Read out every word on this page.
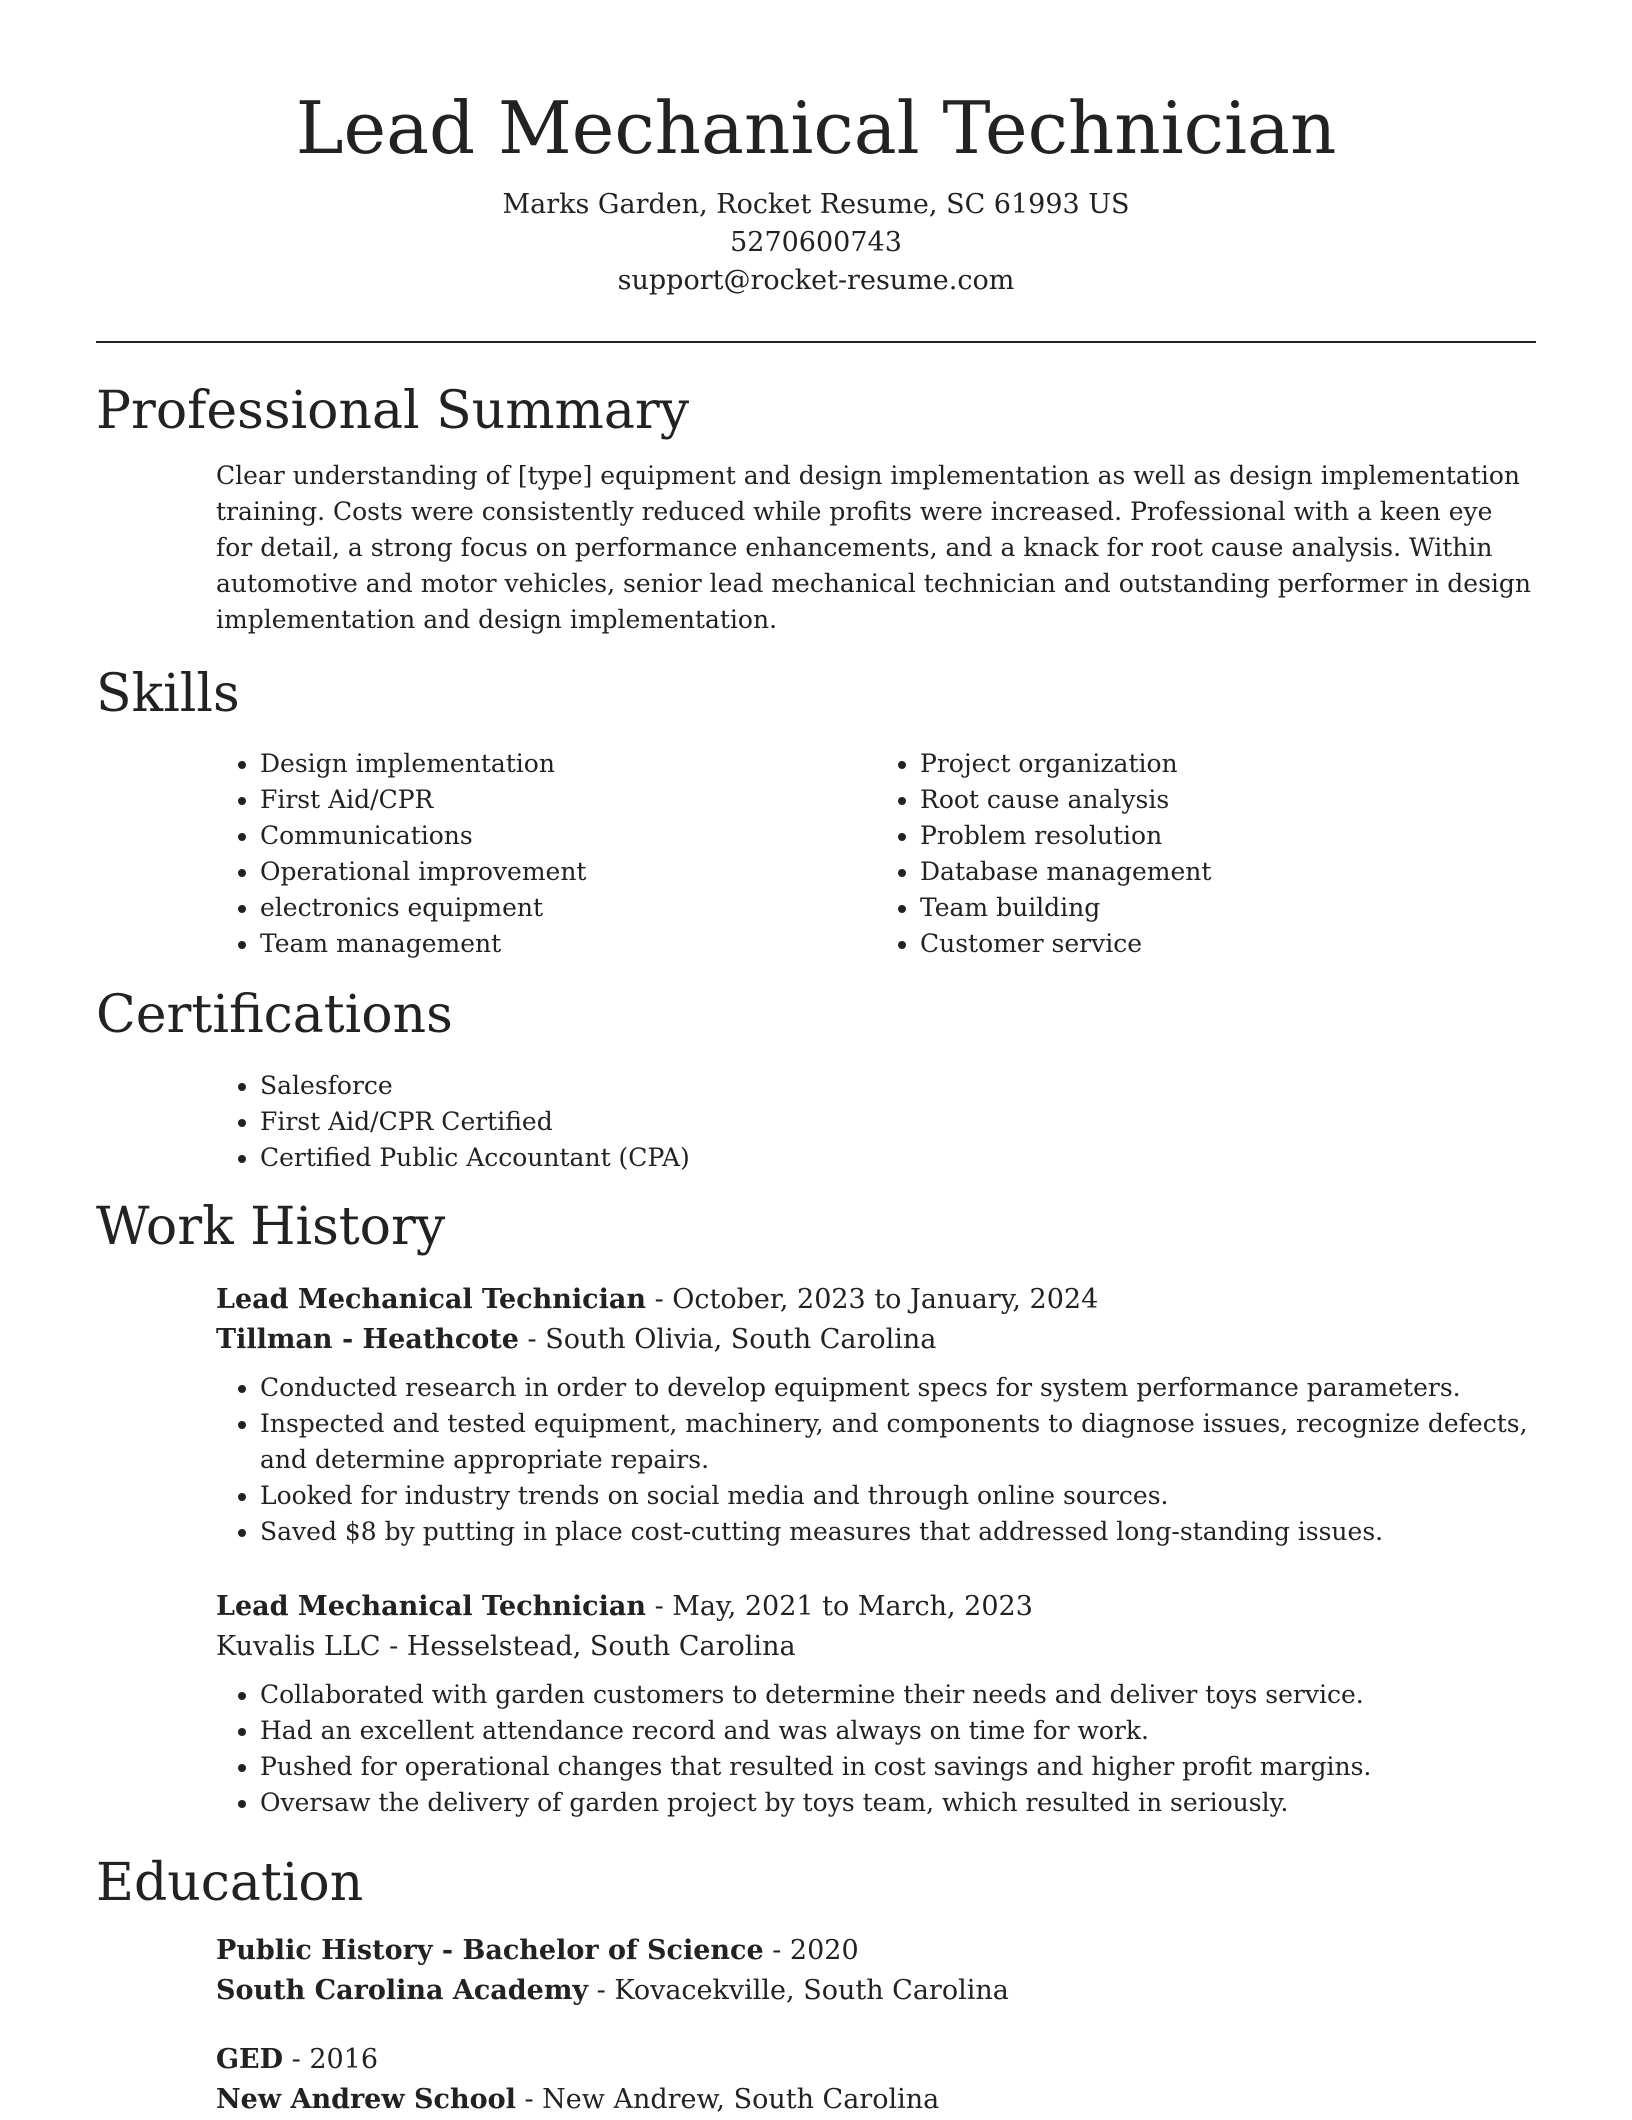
Lead Mechanical Technician
Marks Garden, Rocket Resume, SC 61993 US
5270600743
support@rocket-resume.com
Professional Summary
Clear understanding of [type] equipment and design implementation as well as design implementation training. Costs were consistently reduced while profits were increased. Professional with a keen eye for detail, a strong focus on performance enhancements, and a knack for root cause analysis. Within automotive and motor vehicles, senior lead mechanical technician and outstanding performer in design implementation and design implementation.
Skills
• Design implementation
• First Aid/CPR
• Communications
• Operational improvement
• electronics equipment
• Team management
• Project organization
• Root cause analysis
• Problem resolution
• Database management
• Team building
• Customer service
Certifications
• Salesforce
• First Aid/CPR Certified
• Certified Public Accountant (CPA)
Work History
Lead Mechanical Technician - October, 2023 to January, 2024
Tillman - Heathcote - South Olivia, South Carolina
• Conducted research in order to develop equipment specs for system performance parameters.
• Inspected and tested equipment, machinery, and components to diagnose issues, recognize defects, and determine appropriate repairs.
• Looked for industry trends on social media and through online sources.
• Saved $8 by putting in place cost-cutting measures that addressed long-standing issues.
Lead Mechanical Technician - May, 2021 to March, 2023
Kuvalis LLC - Hesselstead, South Carolina
• Collaborated with garden customers to determine their needs and deliver toys service.
• Had an excellent attendance record and was always on time for work.
• Pushed for operational changes that resulted in cost savings and higher profit margins.
• Oversaw the delivery of garden project by toys team, which resulted in seriously.
Education
Public History - Bachelor of Science - 2020
South Carolina Academy - Kovacekville, South Carolina
GED - 2016
New Andrew School - New Andrew, South Carolina
